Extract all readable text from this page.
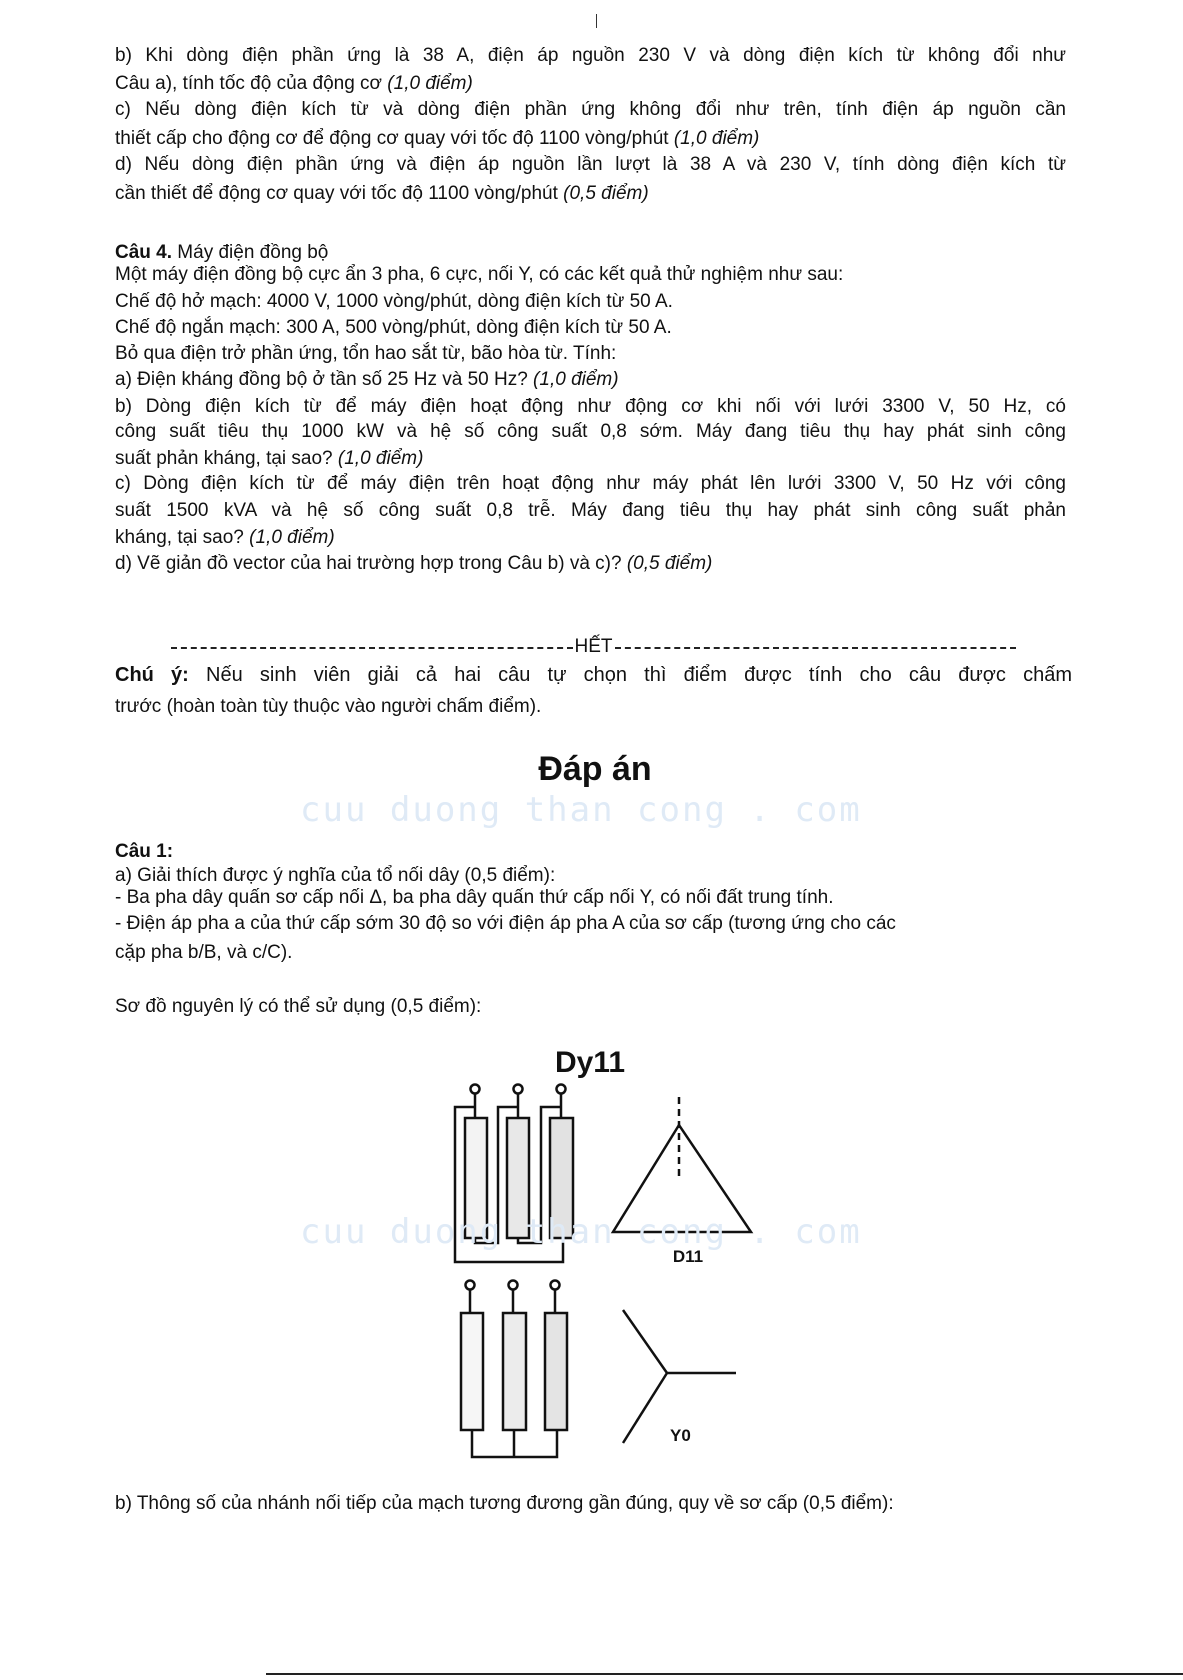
b) Khi dòng điện phần ứng là 38 A, điện áp nguồn 230 V và dòng điện kích từ không đổi như
Câu a), tính tốc độ của động cơ (1,0 điểm)
c) Nếu dòng điện kích từ và dòng điện phần ứng không đổi như trên, tính điện áp nguồn cần
thiết cấp cho động cơ để động cơ quay với tốc độ 1100 vòng/phút (1,0 điểm)
d) Nếu dòng điện phần ứng và điện áp nguồn lần lượt là 38 A và 230 V, tính dòng điện kích từ
cần thiết để động cơ quay với tốc độ 1100 vòng/phút (0,5 điểm)
Câu 4. Máy điện đồng bộ
Một máy điện đồng bộ cực ẩn 3 pha, 6 cực, nối Y, có các kết quả thử nghiệm như sau:
Chế độ hở mạch: 4000 V, 1000 vòng/phút, dòng điện kích từ 50 A.
Chế độ ngắn mạch: 300 A, 500 vòng/phút, dòng điện kích từ 50 A.
Bỏ qua điện trở phần ứng, tổn hao sắt từ, bão hòa từ. Tính:
a) Điện kháng đồng bộ ở tần số 25 Hz và 50 Hz? (1,0 điểm)
b) Dòng điện kích từ để máy điện hoạt động như động cơ khi nối với lưới 3300 V, 50 Hz, có
công suất tiêu thụ 1000 kW và hệ số công suất 0,8 sớm. Máy đang tiêu thụ hay phát sinh công
suất phản kháng, tại sao? (1,0 điểm)
c) Dòng điện kích từ để máy điện trên hoạt động như máy phát lên lưới 3300 V, 50 Hz với công
suất 1500 kVA và hệ số công suất 0,8 trễ. Máy đang tiêu thụ hay phát sinh công suất phản
kháng, tại sao? (1,0 điểm)
d) Vẽ giản đồ vector của hai trường hợp trong Câu b) và c)? (0,5 điểm)
Chú ý: Nếu sinh viên giải cả hai câu tự chọn thì điểm được tính cho câu được chấm
trước (hoàn toàn tùy thuộc vào người chấm điểm).
Câu 1:
a) Giải thích được ý nghĩa của tổ nối dây (0,5 điểm):
- Ba pha dây quấn sơ cấp nối Δ, ba pha dây quấn thứ cấp nối Y, có nối đất trung tính.
- Điện áp pha a của thứ cấp sớm 30 độ so với điện áp pha A của sơ cấp (tương ứng cho các
cặp pha b/B, và c/C).
Sơ đồ nguyên lý có thể sử dụng (0,5 điểm):
b) Thông số của nhánh nối tiếp của mạch tương đương gần đúng, quy về sơ cấp (0,5 điểm):
HẾT
Đáp án
cuu duong than cong . com
Dy11
D11
Y0
cuu duong than cong . com
